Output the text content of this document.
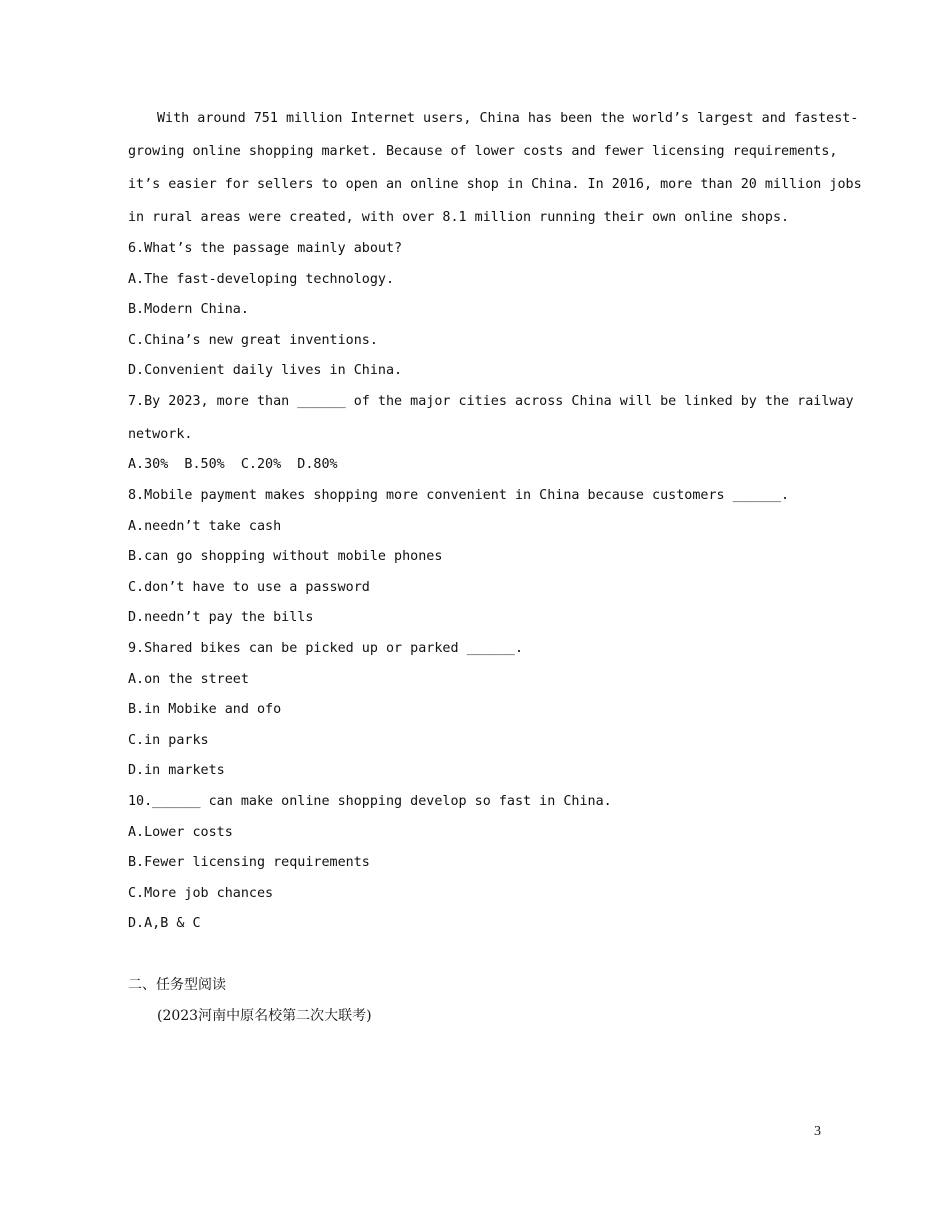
With around 751 million Internet users, China has been the world’s largest and fastest-
growing online shopping market. Because of lower costs and fewer licensing requirements,
it’s easier for sellers to open an online shop in China. In 2016, more than 20 million jobs
in rural areas were created, with over 8.1 million running their own online shops.
6.What’s the passage mainly about?
A.The fast-developing technology.
B.Modern China.
C.China’s new great inventions.
D.Convenient daily lives in China.
7.By 2023, more than ______ of the major cities across China will be linked by the railway
network.
A.30%  B.50%  C.20%  D.80%
8.Mobile payment makes shopping more convenient in China because customers ______.
A.needn’t take cash
B.can go shopping without mobile phones
C.don’t have to use a password
D.needn’t pay the bills
9.Shared bikes can be picked up or parked ______.
A.on the street
B.in Mobike and ofo
C.in parks
D.in markets
10.______ can make online shopping develop so fast in China.
A.Lower costs
B.Fewer licensing requirements
C.More job chances
D.A,B & C
二、任务型阅读
(2023河南中原名校第二次大联考)
3
